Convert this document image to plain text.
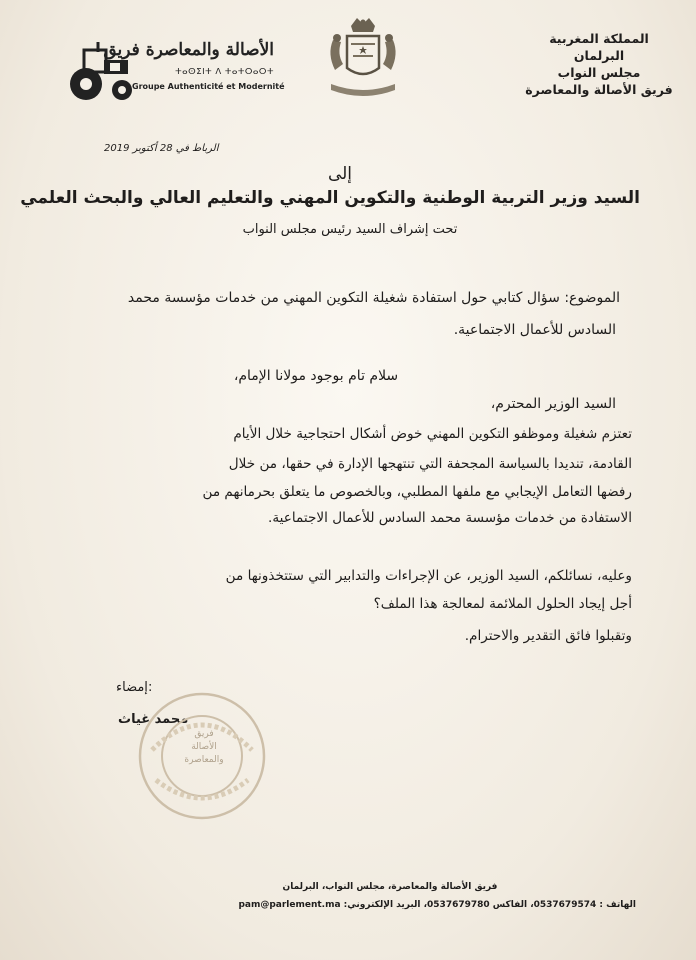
المملكة المغربية
البرلمان
مجلس النواب
فريق الأصالة والمعاصرة
الأصالة والمعاصرة فريق
ⵜⴰⵙⵉⵏⵜ ⴷ ⵜⴰⵜⵔⴰⵔⵜ
Groupe Authenticité et Modernité
الرباط في 28 أكتوبر 2019
إلى
السيد وزير التربية الوطنية والتكوين المهني والتعليم العالي والبحث العلمي
تحت إشراف السيد رئيس مجلس النواب
الموضوع: سؤال كتابي حول استفادة شغيلة التكوين المهني من خدمات مؤسسة محمد
السادس للأعمال الاجتماعية.
سلام تام بوجود مولانا الإمام،
السيد الوزير المحترم،
تعتزم شغيلة وموظفو التكوين المهني خوض أشكال احتجاجية خلال الأيام
القادمة، تنديدا بالسياسة المجحفة التي تنتهجها الإدارة في حقها، من خلال
رفضها التعامل الإيجابي مع ملفها المطلبي، وبالخصوص ما يتعلق بحرمانهم من
الاستفادة من خدمات مؤسسة محمد السادس للأعمال الاجتماعية.
وعليه، نسائلكم، السيد الوزير، عن الإجراءات والتدابير التي ستتخذونها من
أجل إيجاد الحلول الملائمة لمعالجة هذا الملف؟
وتقبلوا فائق التقدير والاحترام.
إمضاء:
محمد غياث
فريق
الأصالة
والمعاصرة
فريق الأصالة والمعاصرة، مجلس النواب، البرلمان
الهاتف : 0537679574، الفاكس 0537679780، البريد الإلكتروني: pam@parlement.ma
